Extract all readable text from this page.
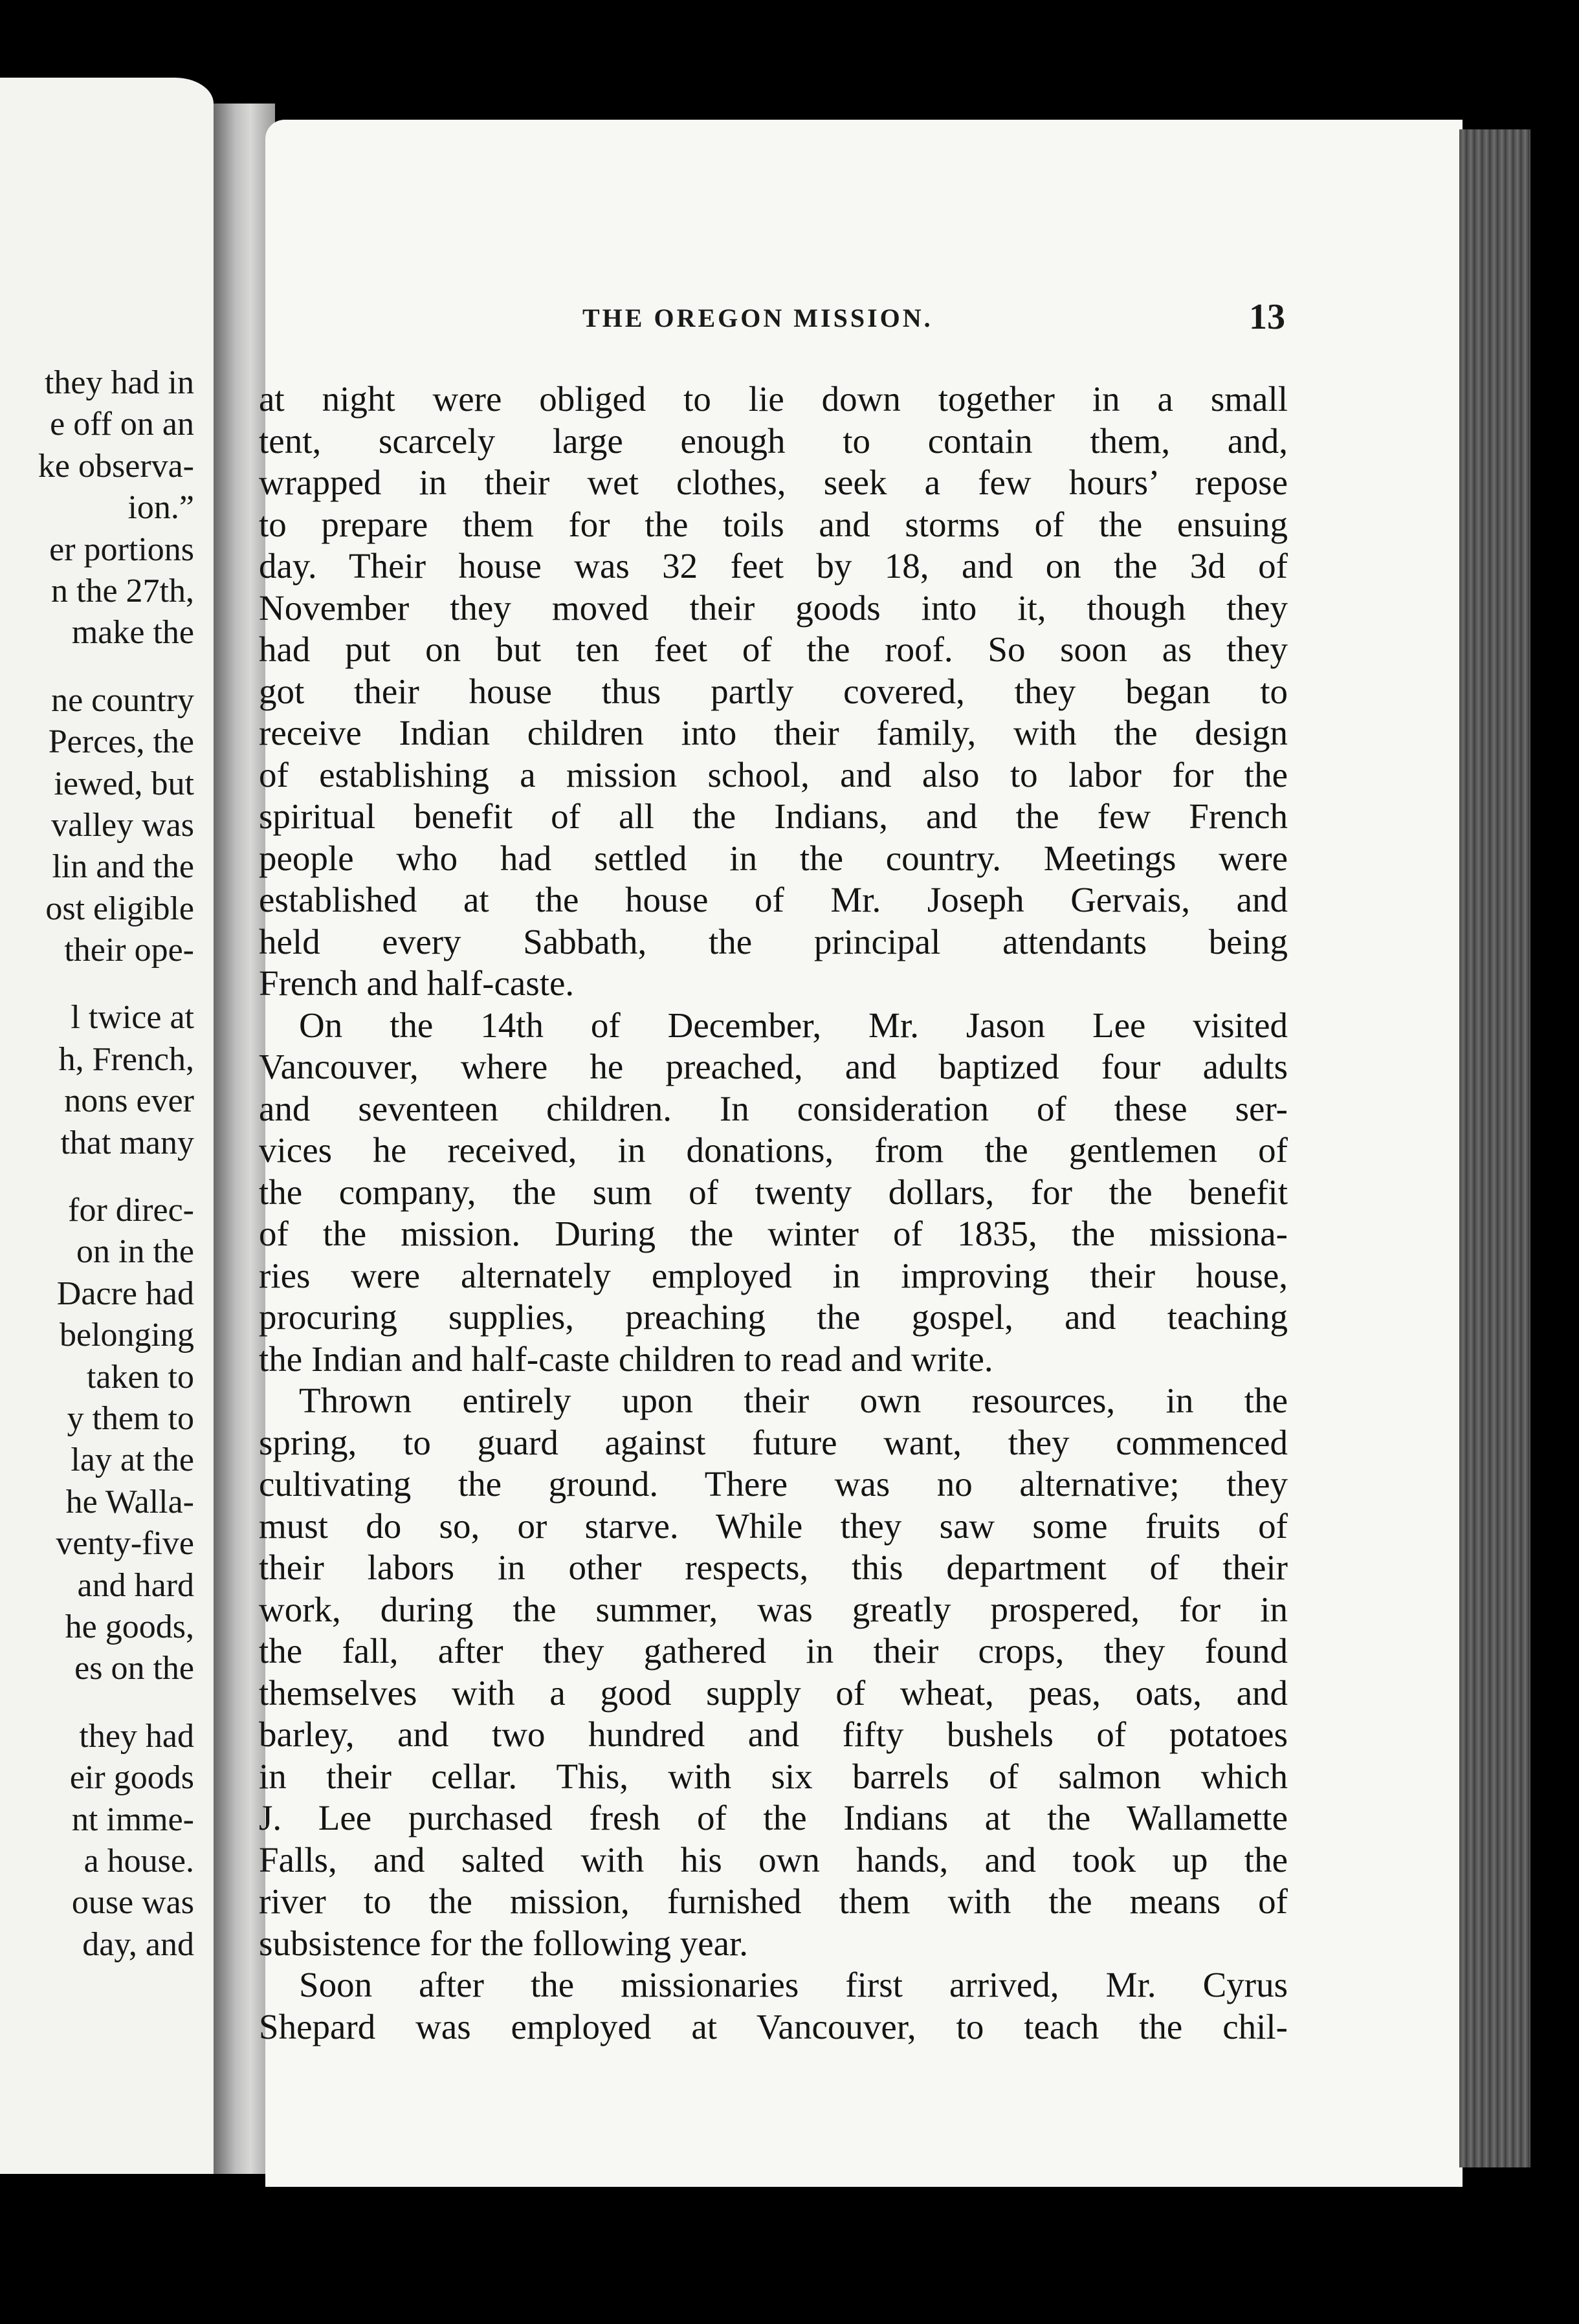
they had in
e off on an
ke observa-
ion.”
er portions
n the 27th,
make the
ne country
Perces, the
iewed, but
valley was
lin and the
ost eligible
their ope-
l twice at
h, French,
nons ever
that many
for direc-
on in the
Dacre had
belonging
taken to
y them to
lay at the
he Walla-
venty-five
and hard
he goods,
es on the
they had
eir goods
nt imme-
a house.
ouse was
day, and
THE OREGON MISSION.	13
at night were obliged to lie down together in a small
tent, scarcely large enough to contain them, and,
wrapped in their wet clothes, seek a few hours’ repose
to prepare them for the toils and storms of the ensuing
day. Their house was 32 feet by 18, and on the 3d of
November they moved their goods into it, though they
had put on but ten feet of the roof. So soon as they
got their house thus partly covered, they began to
receive Indian children into their family, with the design
of establishing a mission school, and also to labor for the
spiritual benefit of all the Indians, and the few French
people who had settled in the country. Meetings were
established at the house of Mr. Joseph Gervais, and
held every Sabbath, the principal attendants being
French and half-caste.
On the 14th of December, Mr. Jason Lee visited
Vancouver, where he preached, and baptized four adults
and seventeen children. In consideration of these ser-
vices he received, in donations, from the gentlemen of
the company, the sum of twenty dollars, for the benefit
of the mission. During the winter of 1835, the missiona-
ries were alternately employed in improving their house,
procuring supplies, preaching the gospel, and teaching
the Indian and half-caste children to read and write.
Thrown entirely upon their own resources, in the
spring, to guard against future want, they commenced
cultivating the ground. There was no alternative; they
must do so, or starve. While they saw some fruits of
their labors in other respects, this department of their
work, during the summer, was greatly prospered, for in
the fall, after they gathered in their crops, they found
themselves with a good supply of wheat, peas, oats, and
barley, and two hundred and fifty bushels of potatoes
in their cellar. This, with six barrels of salmon which
J. Lee purchased fresh of the Indians at the Wallamette
Falls, and salted with his own hands, and took up the
river to the mission, furnished them with the means of
subsistence for the following year.
Soon after the missionaries first arrived, Mr. Cyrus
Shepard was employed at Vancouver, to teach the chil-
